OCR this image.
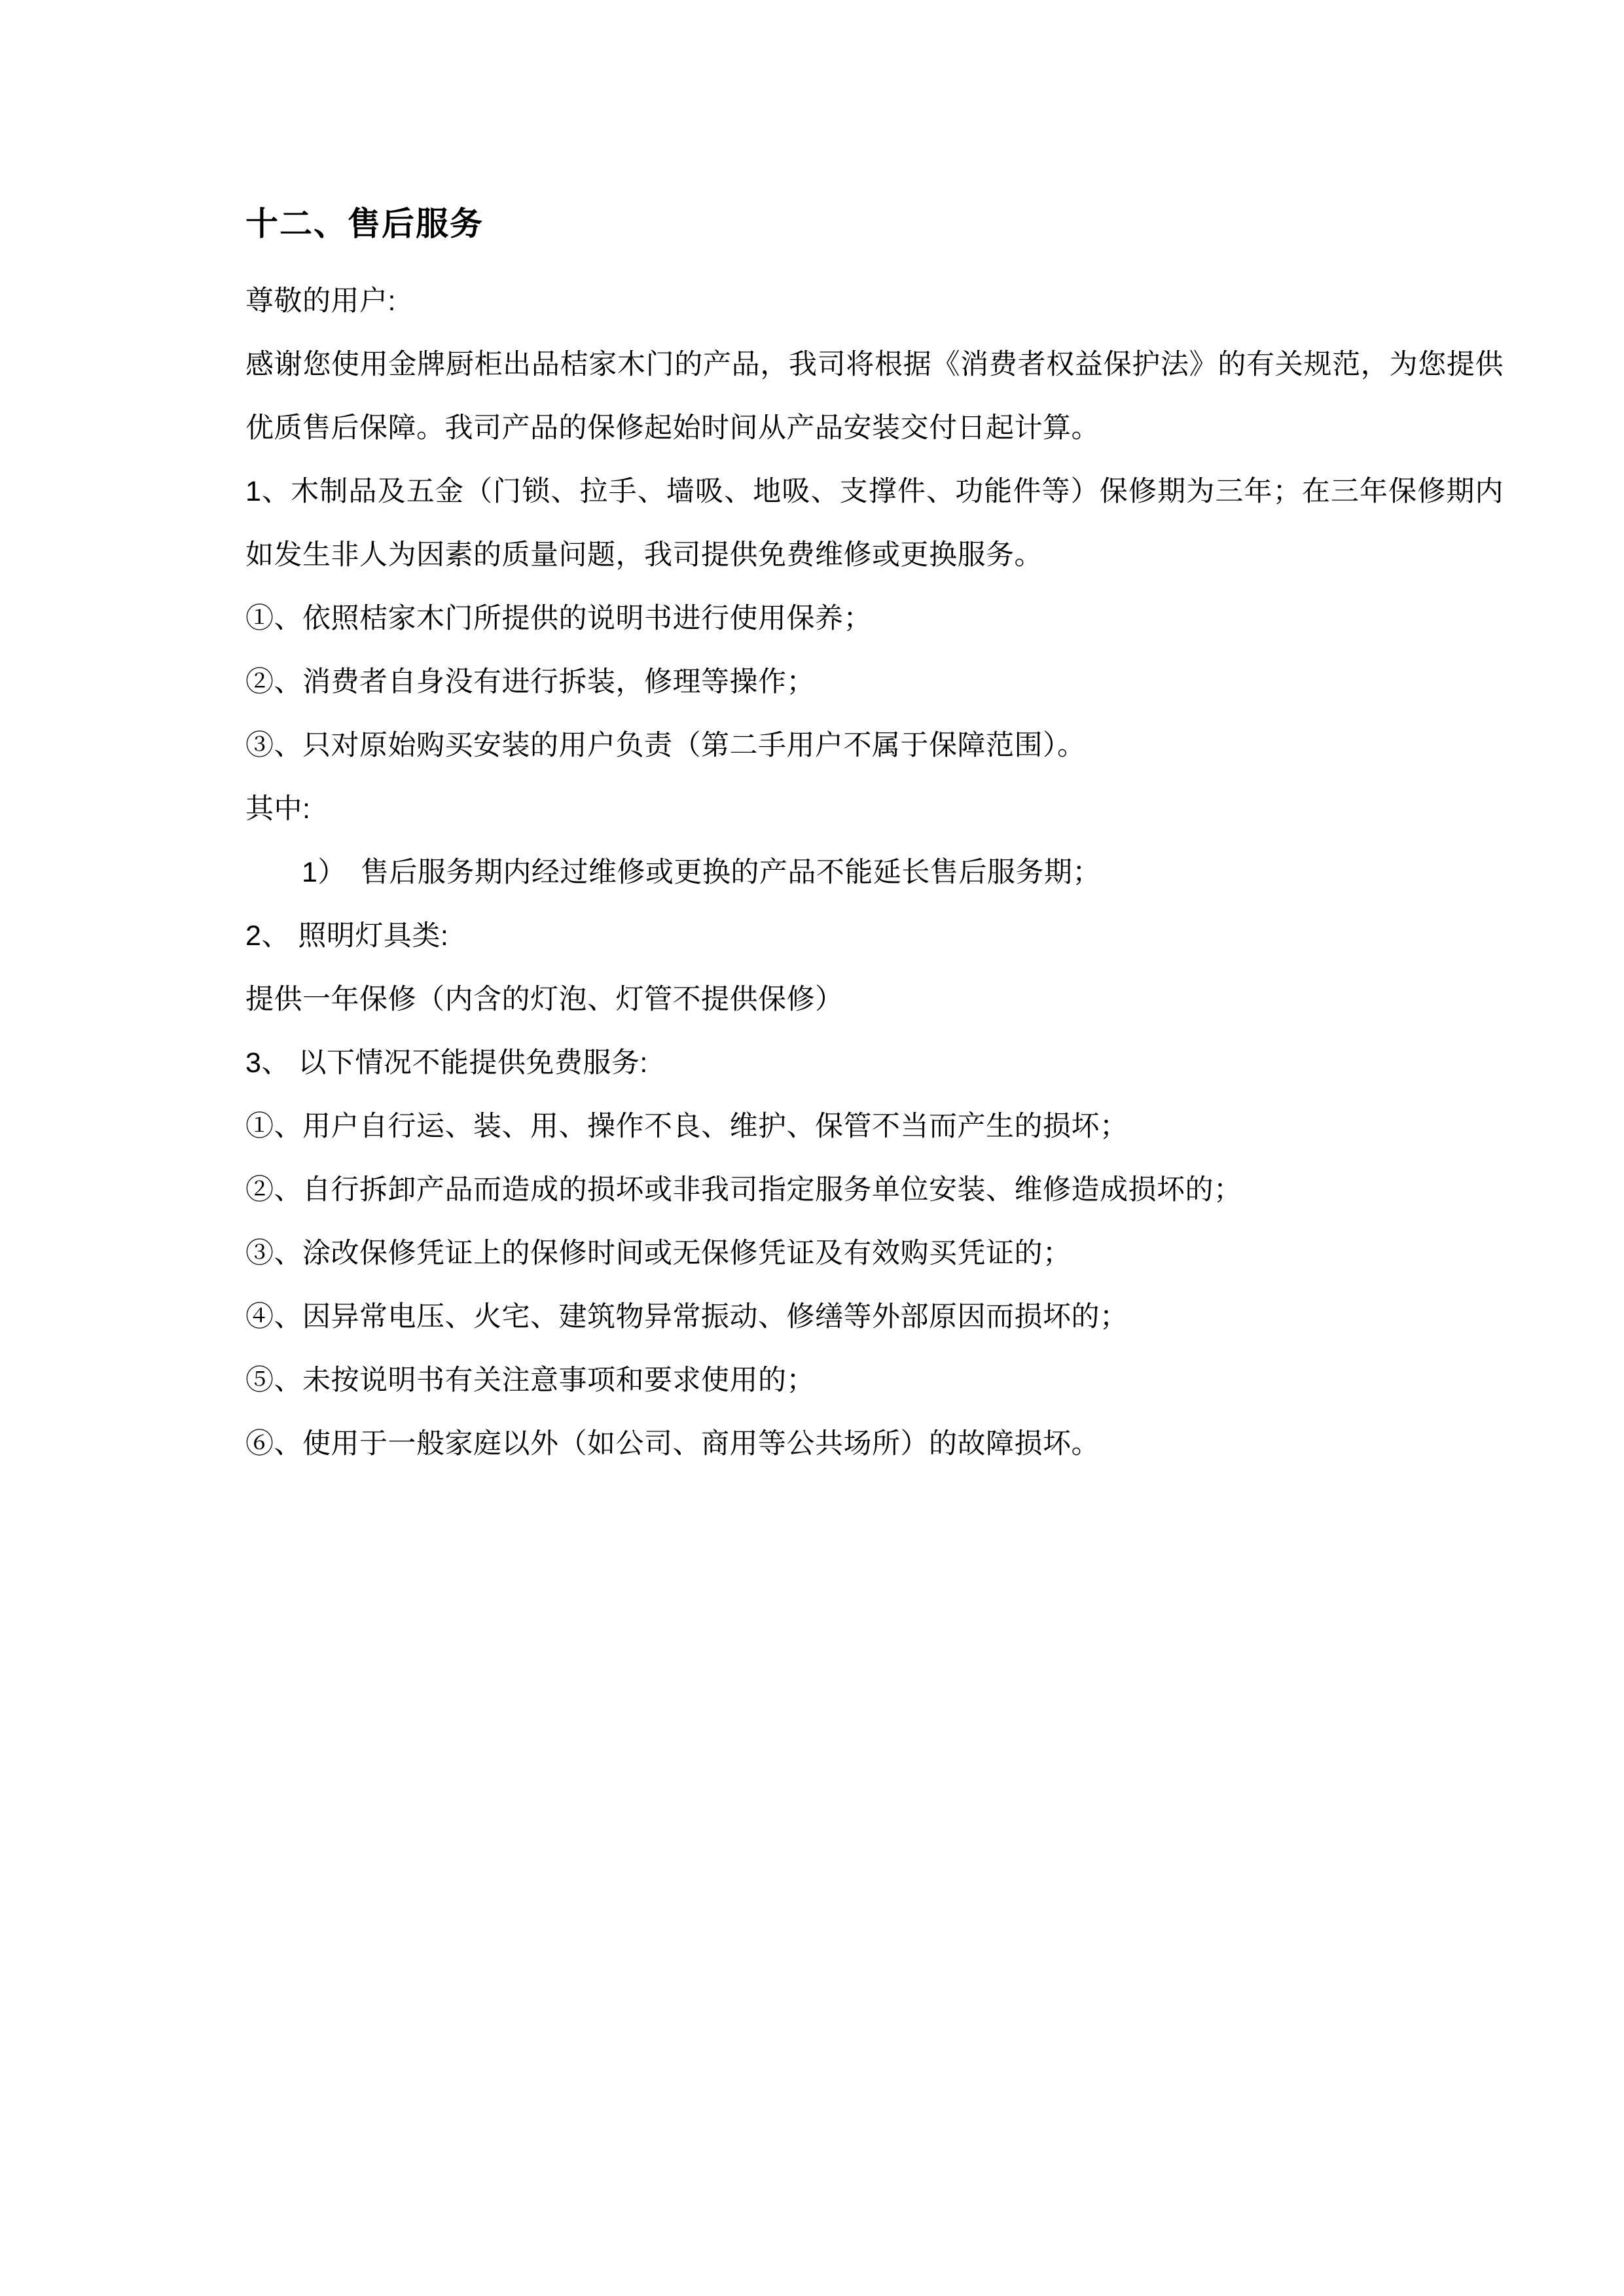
十二、售后服务

尊敬的用户:

感谢您使用金牌厨柜出品桔家木门的产品，我司将根据《消费者权益保护法》的有关规范，为您提供优质售后保障。我司产品的保修起始时间从产品安装交付日起计算。

1、木制品及五金（门锁、拉手、墙吸、地吸、支撑件、功能件等）保修期为三年；在三年保修期内如发生非人为因素的质量问题，我司提供免费维修或更换服务。

①、依照桔家木门所提供的说明书进行使用保养；

②、消费者自身没有进行拆装，修理等操作；

③、只对原始购买安装的用户负责（第二手用户不属于保障范围）。

其中:

1）　售后服务期内经过维修或更换的产品不能延长售后服务期；

2、 照明灯具类:

提供一年保修（内含的灯泡、灯管不提供保修）

3、 以下情况不能提供免费服务:

①、用户自行运、装、用、操作不良、维护、保管不当而产生的损坏；

②、自行拆卸产品而造成的损坏或非我司指定服务单位安装、维修造成损坏的；

③、涂改保修凭证上的保修时间或无保修凭证及有效购买凭证的；

④、因异常电压、火宅、建筑物异常振动、修缮等外部原因而损坏的；

⑤、未按说明书有关注意事项和要求使用的；

⑥、使用于一般家庭以外（如公司、商用等公共场所）的故障损坏。
